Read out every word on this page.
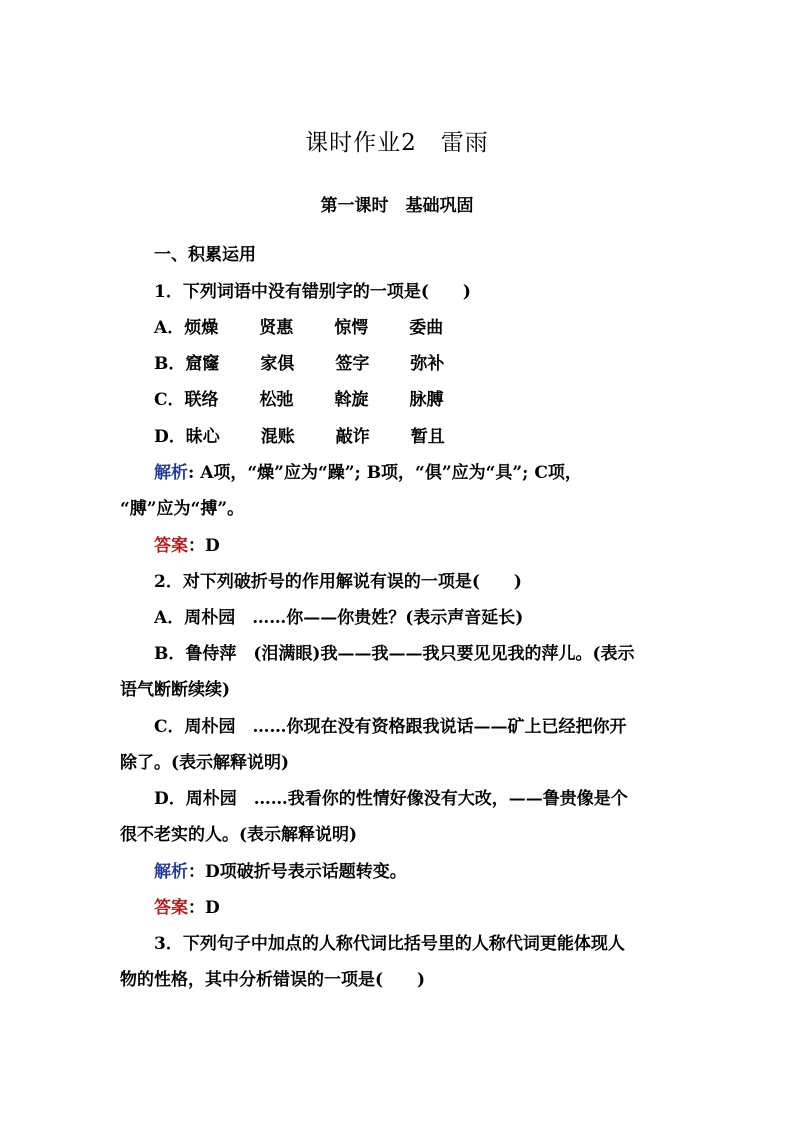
课时作业2　雷雨
第一课时　基础巩固
一、积累运用
1．下列词语中没有错别字的一项是(　　)
A．烦燥 贤惠 惊愕 委曲
B．窟窿 家俱 签字 弥补
C．联络 松弛 斡旋 脉膊
D．昧心 混账 敲诈 暂且
解析: A项，“燥”应为“躁”; B项，“俱”应为“具”; C项，
“膊”应为“搏”。
答案：D
2．对下列破折号的作用解说有误的一项是(　　)
A．周朴园　……你——你贵姓？(表示声音延长)
B．鲁侍萍　(泪满眼)我——我——我只要见见我的萍儿。(表示
语气断断续续)
C．周朴园　……你现在没有资格跟我说话——矿上已经把你开
除了。(表示解释说明)
D．周朴园　……我看你的性情好像没有大改，——鲁贵像是个
很不老实的人。(表示解释说明)
解析：D项破折号表示话题转变。
答案：D
3．下列句子中加点的人称代词比括号里的人称代词更能体现人
物的性格，其中分析错误的一项是(　　)
